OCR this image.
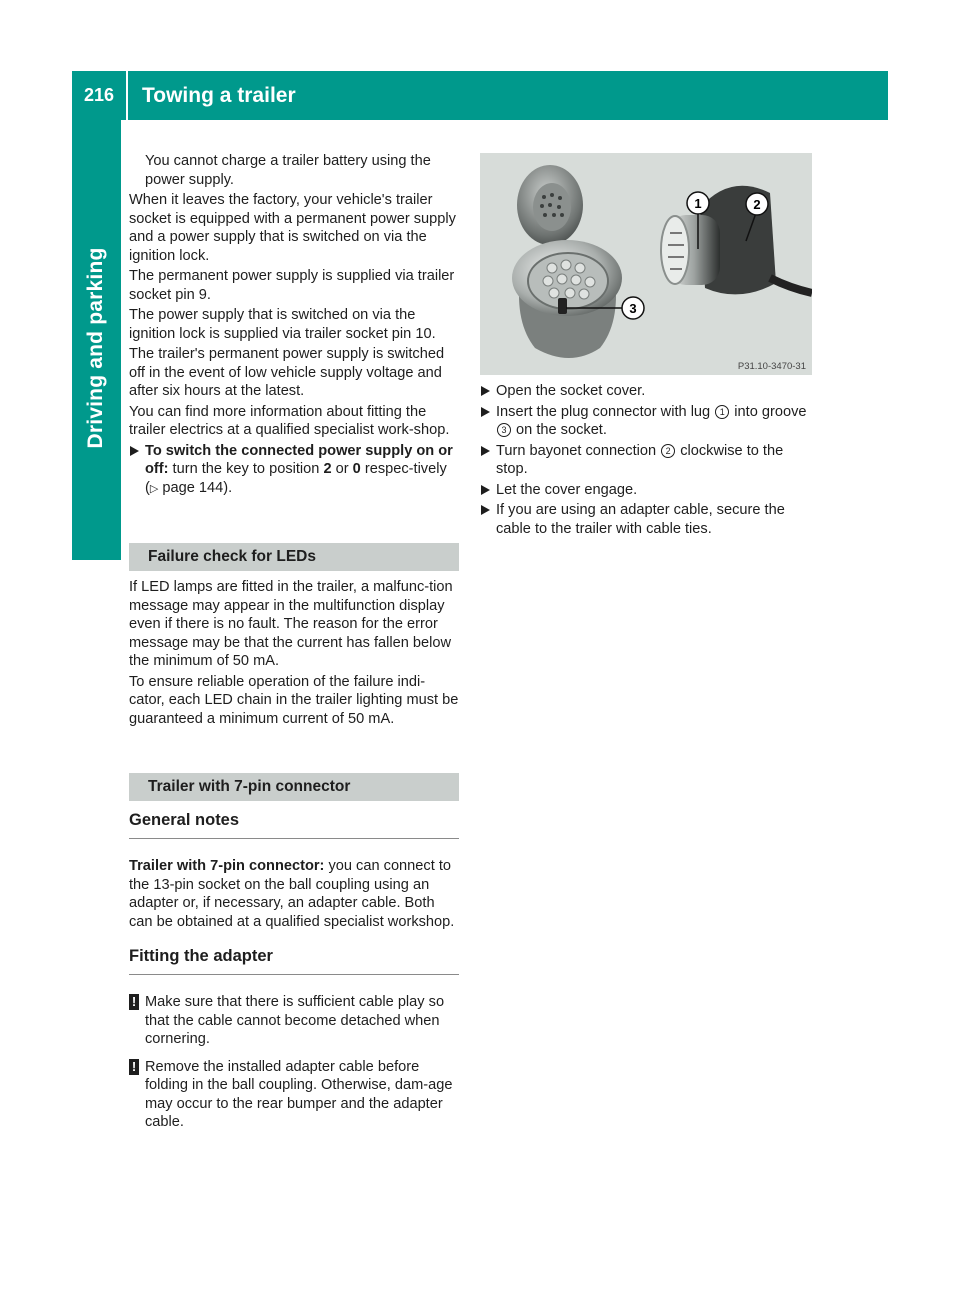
216	Towing a trailer
Driving and parking

You cannot charge a trailer battery using the power supply.

When it leaves the factory, your vehicle's trailer socket is equipped with a permanent power supply and a power supply that is switched on via the ignition lock.

The permanent power supply is supplied via trailer socket pin 9.

The power supply that is switched on via the ignition lock is supplied via trailer socket pin 10.

The trailer's permanent power supply is switched off in the event of low vehicle supply voltage and after six hours at the latest.

You can find more information about fitting the trailer electrics at a qualified specialist work-shop.

To switch the connected power supply on or off: turn the key to position 2 or 0 respec-tively (▷ page 144).
Failure check for LEDs

If LED lamps are fitted in the trailer, a malfunc-tion message may appear in the multifunction display even if there is no fault. The reason for the error message may be that the current has fallen below the minimum of 50 mA.

To ensure reliable operation of the failure indi-cator, each LED chain in the trailer lighting must be guaranteed a minimum current of 50 mA.

Trailer with 7-pin connector
General notes

Trailer with 7-pin connector: you can connect to the 13-pin socket on the ball coupling using an adapter or, if necessary, an adapter cable. Both can be obtained at a qualified specialist workshop.

Fitting the adapter
! Make sure that there is sufficient cable play so that the cable cannot become detached when cornering.
! Remove the installed adapter cable before folding in the ball coupling. Otherwise, dam-age may occur to the rear bumper and the adapter cable.
1	2
3
P31.10-3470-31
Open the socket cover.
Insert the plug connector with lug 1 into groove 3 on the socket.
Turn bayonet connection 2 clockwise to the stop.
Let the cover engage.
If you are using an adapter cable, secure the cable to the trailer with cable ties.
